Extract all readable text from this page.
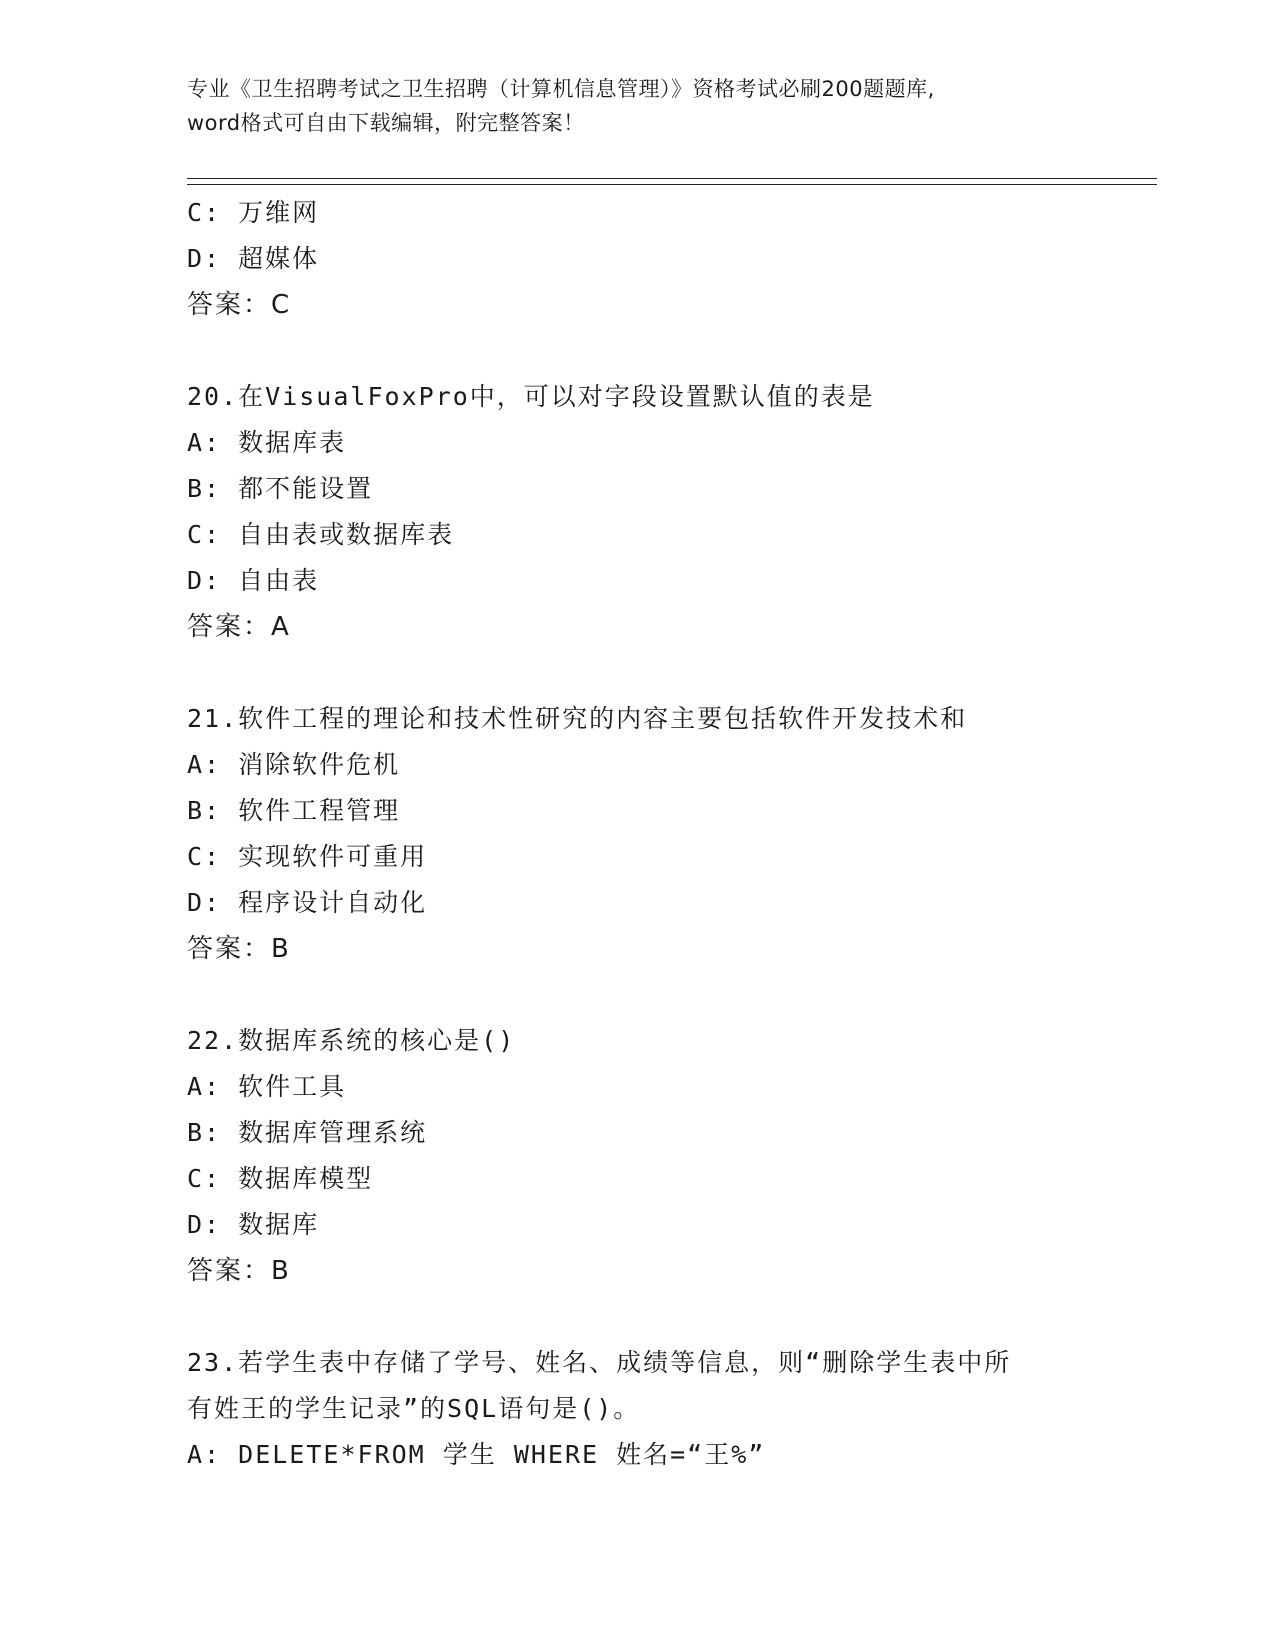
专业《卫生招聘考试之卫生招聘（计算机信息管理）》资格考试必刷200题题库,
word格式可自由下载编辑，附完整答案！
C: 万维网
D: 超媒体
答案：C
20.在VisualFoxPro中，可以对字段设置默认值的表是
A: 数据库表
B: 都不能设置
C: 自由表或数据库表
D: 自由表
答案：A
21.软件工程的理论和技术性研究的内容主要包括软件开发技术和
A: 消除软件危机
B: 软件工程管理
C: 实现软件可重用
D: 程序设计自动化
答案：B
22.数据库系统的核心是()
A: 软件工具
B: 数据库管理系统
C: 数据库模型
D: 数据库
答案：B
23.若学生表中存储了学号、姓名、成绩等信息，则“删除学生表中所
有姓王的学生记录”的SQL语句是()。
A: DELETE*FROM 学生 WHERE 姓名=“王%”
